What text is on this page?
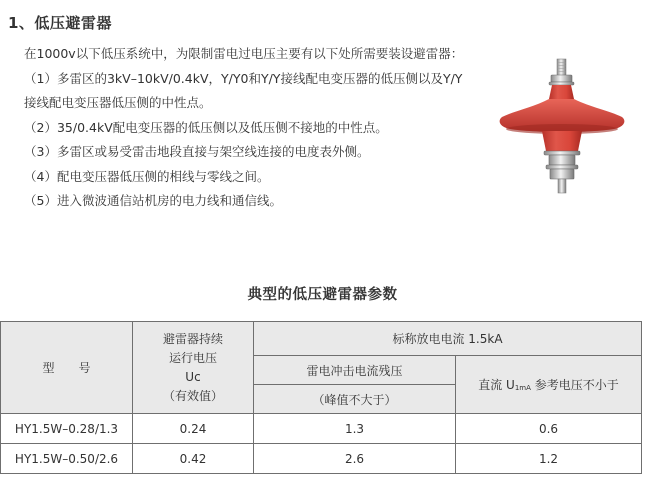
1、低压避雷器

在1000v以下低压系统中，为限制雷电过电压主要有以下处所需要装设避雷器：

（1）多雷区的3kV–10kV/0.4kV，Y/Y0和Y/Y接线配电变压器的低压侧以及Y/Y接线配电变压器低压侧的中性点。

（2）35/0.4kV配电变压器的低压侧以及低压侧不接地的中性点。

（3）多雷区或易受雷击地段直接与架空线连接的电度表外侧。

（4）配电变压器低压侧的相线与零线之间。

（5）进入微波通信站机房的电力线和通信线。

典型的低压避雷器参数
型　　号	避雷器持续
运行电压
Uc
（有效值）	标称放电电流 1.5kA	
		雷电冲击电流残压	直流 U1mA 参考电压不小于
		（峰值不大于）	
HY1.5W–0.28/1.3	0.24	1.3	0.6
HY1.5W–0.50/2.6	0.42	2.6	1.2
